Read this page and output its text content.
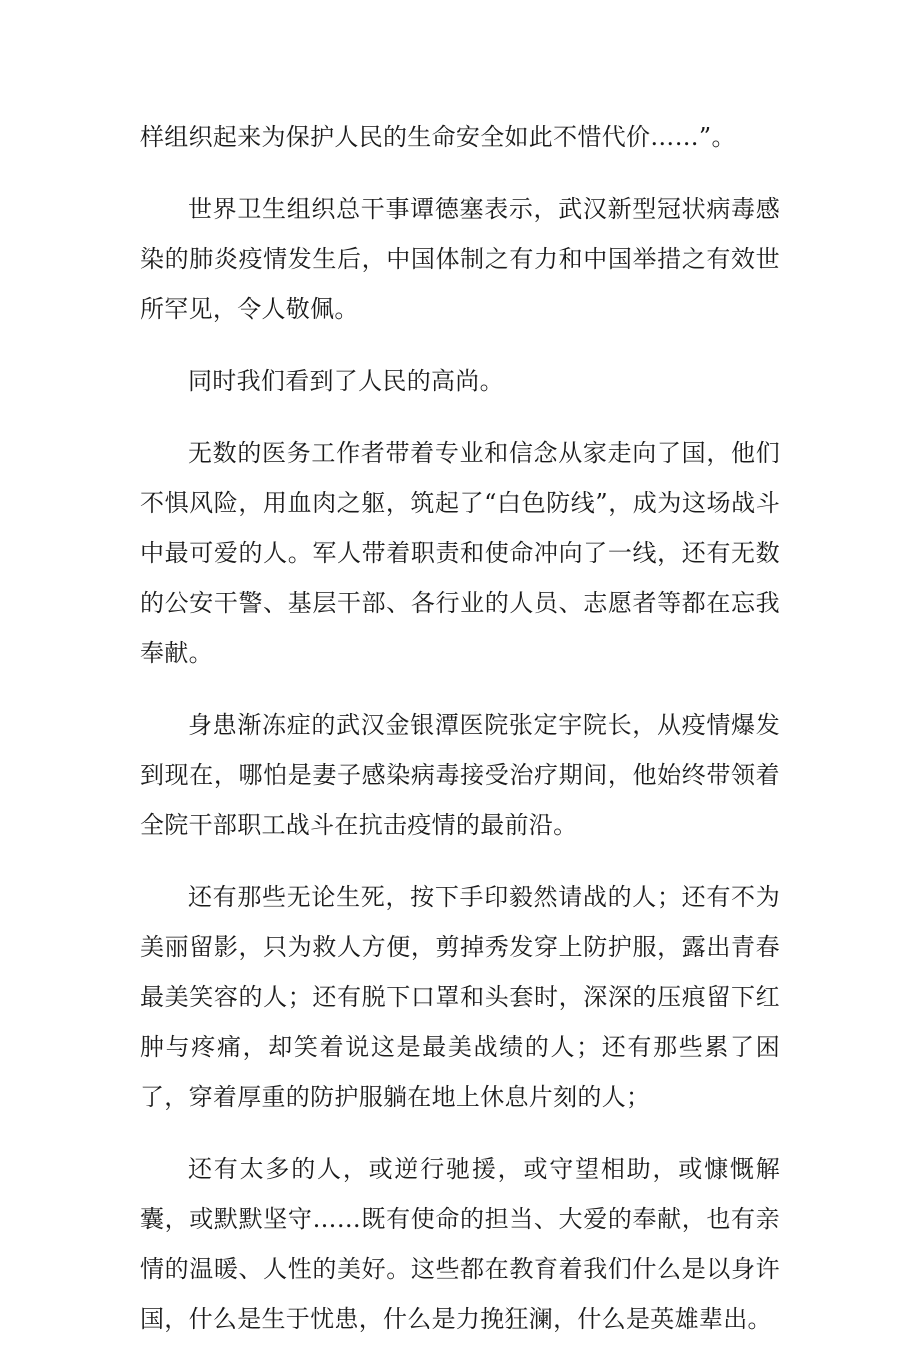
样组织起来为保护人民的生命安全如此不惜代价……”。

世界卫生组织总干事谭德塞表示，武汉新型冠状病毒感染的肺炎疫情发生后，中国体制之有力和中国举措之有效世所罕见，令人敬佩。

同时我们看到了人民的高尚。

无数的医务工作者带着专业和信念从家走向了国，他们不惧风险，用血肉之躯，筑起了“白色防线”，成为这场战斗中最可爱的人。军人带着职责和使命冲向了一线，还有无数的公安干警、基层干部、各行业的人员、志愿者等都在忘我奉献。

身患渐冻症的武汉金银潭医院张定宇院长，从疫情爆发到现在，哪怕是妻子感染病毒接受治疗期间，他始终带领着全院干部职工战斗在抗击疫情的最前沿。

还有那些无论生死，按下手印毅然请战的人；还有不为美丽留影，只为救人方便，剪掉秀发穿上防护服，露出青春最美笑容的人；还有脱下口罩和头套时，深深的压痕留下红肿与疼痛，却笑着说这是最美战绩的人；还有那些累了困了，穿着厚重的防护服躺在地上休息片刻的人；

还有太多的人，或逆行驰援，或守望相助，或慷慨解囊，或默默坚守……既有使命的担当、大爱的奉献，也有亲情的温暖、人性的美好。这些都在教育着我们什么是以身许国，什么是生于忧患，什么是力挽狂澜，什么是英雄辈出。
